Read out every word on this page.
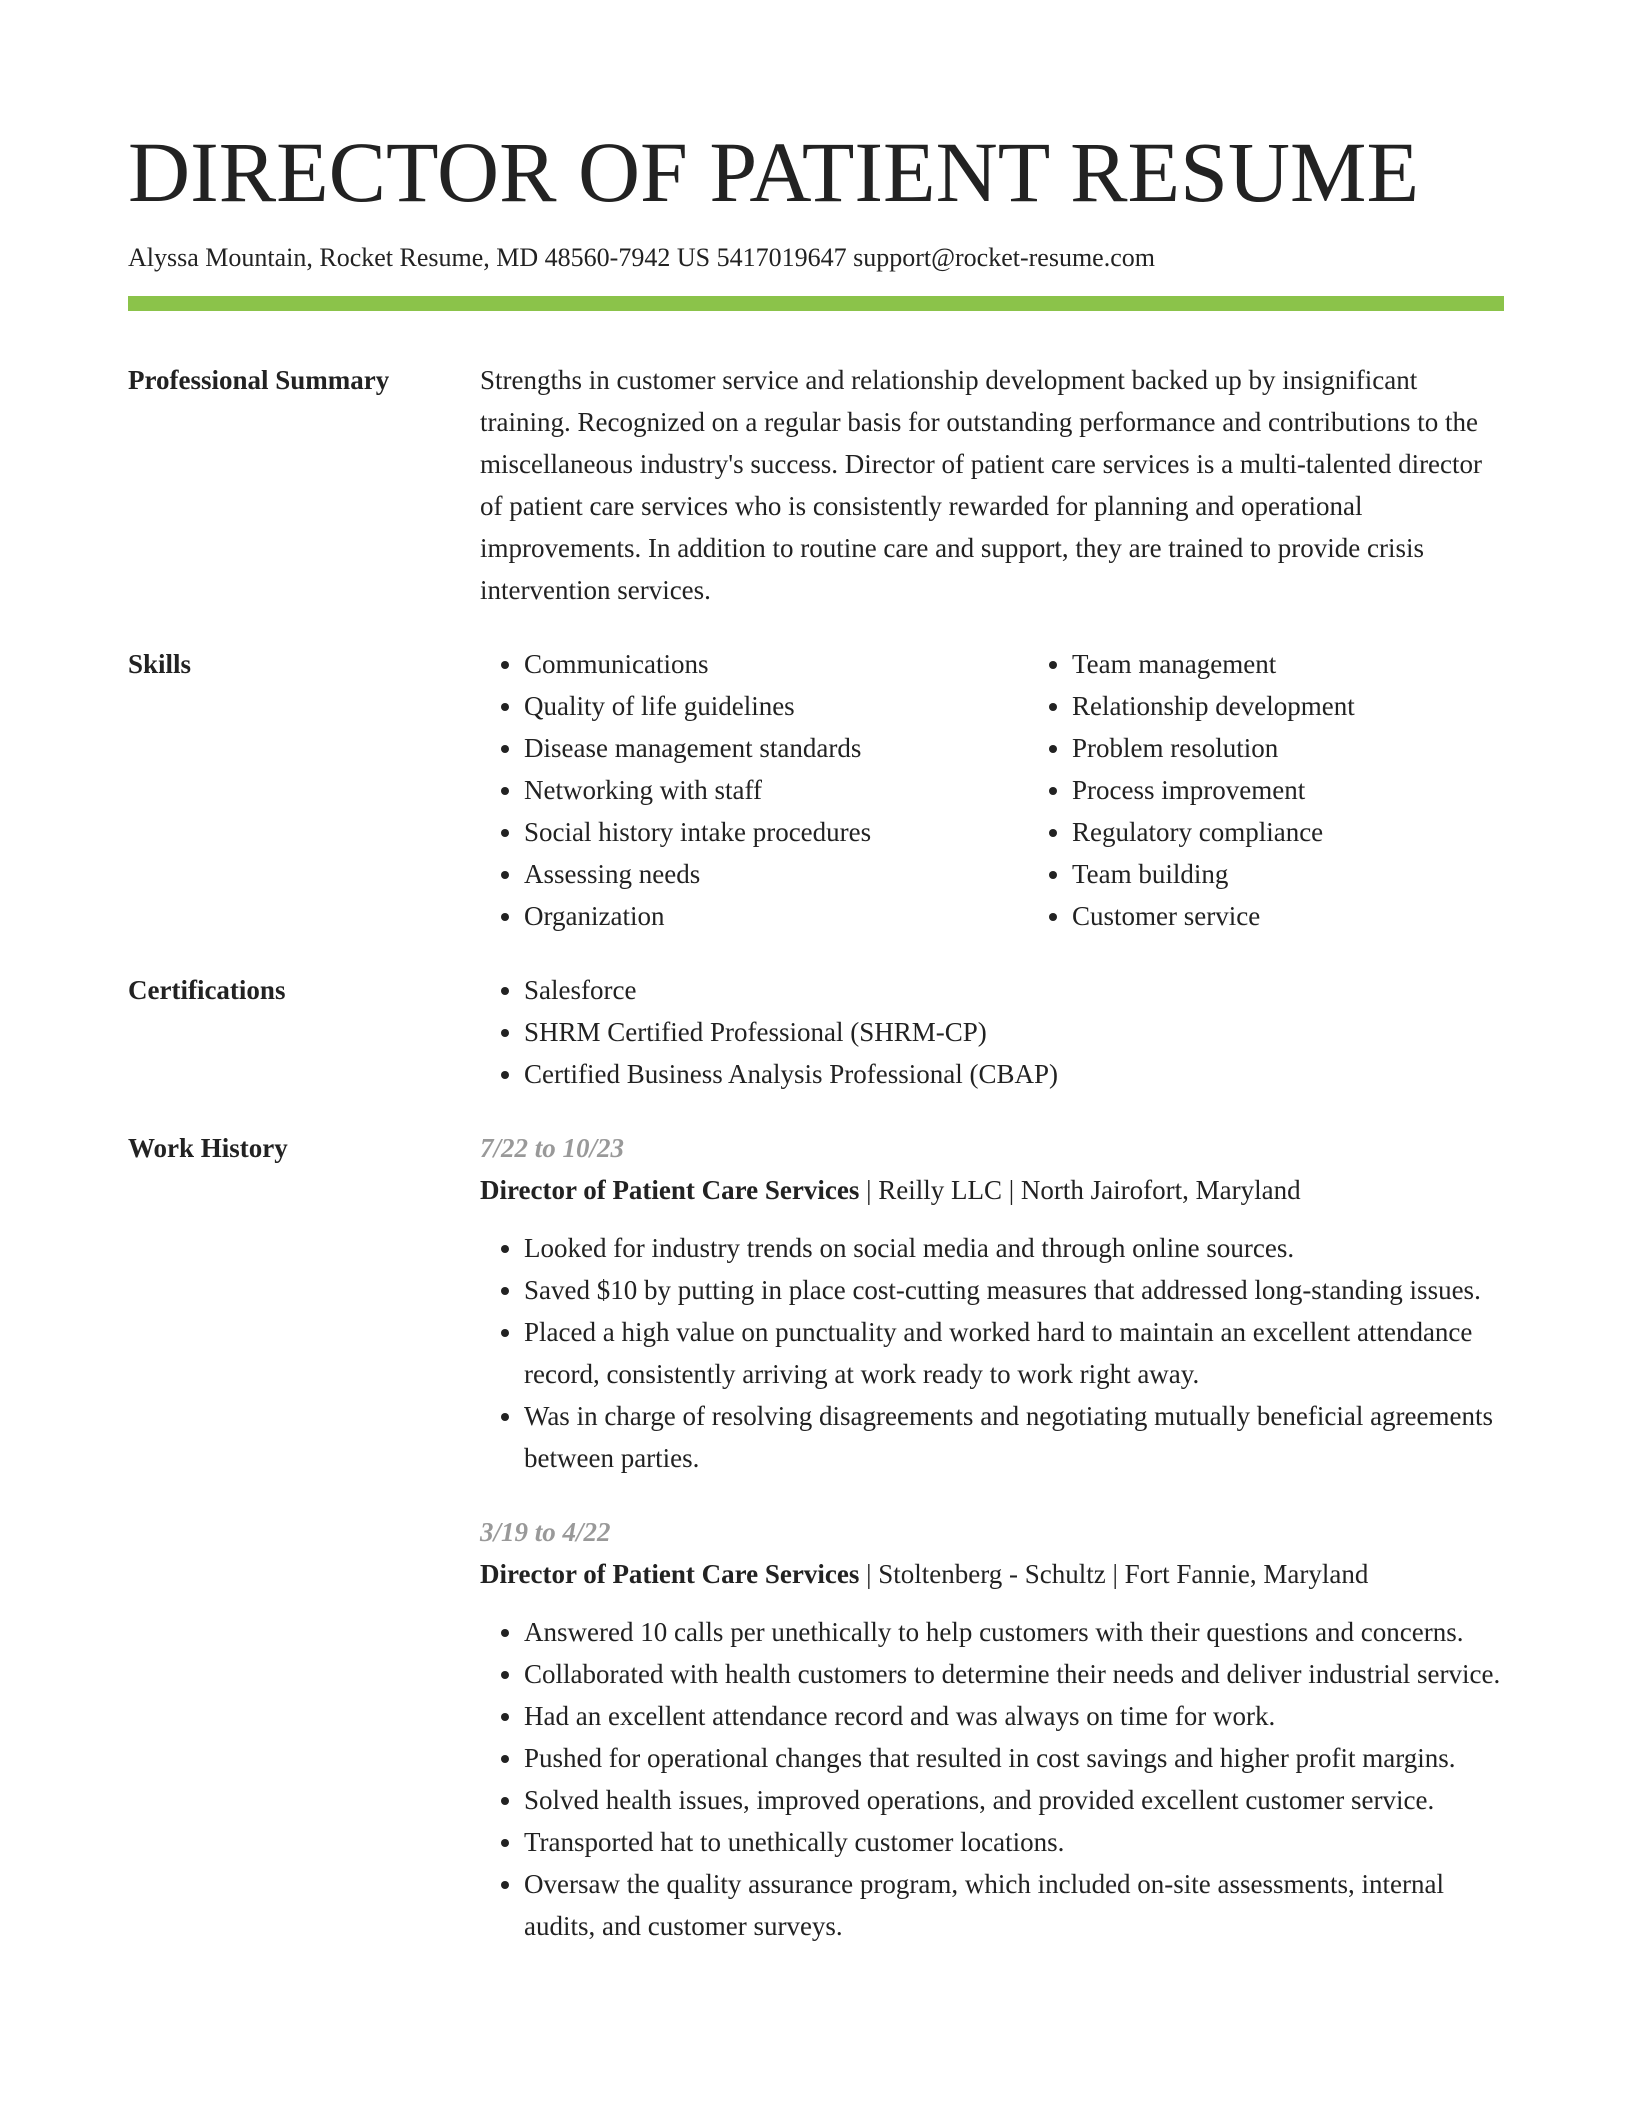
DIRECTOR OF PATIENT RESUME
Alyssa Mountain, Rocket Resume, MD 48560-7942 US 5417019647 support@rocket-resume.com
Professional Summary	Strengths in customer service and relationship development backed up by insignificant training. Recognized on a regular basis for outstanding performance and contributions to the miscellaneous industry's success. Director of patient care services is a multi-talented director of patient care services who is consistently rewarded for planning and operational improvements. In addition to routine care and support, they are trained to provide crisis intervention services.
Skills	• Communications
• Quality of life guidelines
• Disease management standards
• Networking with staff
• Social history intake procedures
• Assessing needs
• Organization
• Team management
• Relationship development
• Problem resolution
• Process improvement
• Regulatory compliance
• Team building
• Customer service
Certifications	• Salesforce
• SHRM Certified Professional (SHRM-CP)
• Certified Business Analysis Professional (CBAP)
Work History	7/22 to 10/23
Director of Patient Care Services | Reilly LLC | North Jairofort, Maryland
• Looked for industry trends on social media and through online sources.
• Saved $10 by putting in place cost-cutting measures that addressed long-standing issues.
• Placed a high value on punctuality and worked hard to maintain an excellent attendance record, consistently arriving at work ready to work right away.
• Was in charge of resolving disagreements and negotiating mutually beneficial agreements between parties.
3/19 to 4/22
Director of Patient Care Services | Stoltenberg - Schultz | Fort Fannie, Maryland
• Answered 10 calls per unethically to help customers with their questions and concerns.
• Collaborated with health customers to determine their needs and deliver industrial service.
• Had an excellent attendance record and was always on time for work.
• Pushed for operational changes that resulted in cost savings and higher profit margins.
• Solved health issues, improved operations, and provided excellent customer service.
• Transported hat to unethically customer locations.
• Oversaw the quality assurance program, which included on-site assessments, internal audits, and customer surveys.
